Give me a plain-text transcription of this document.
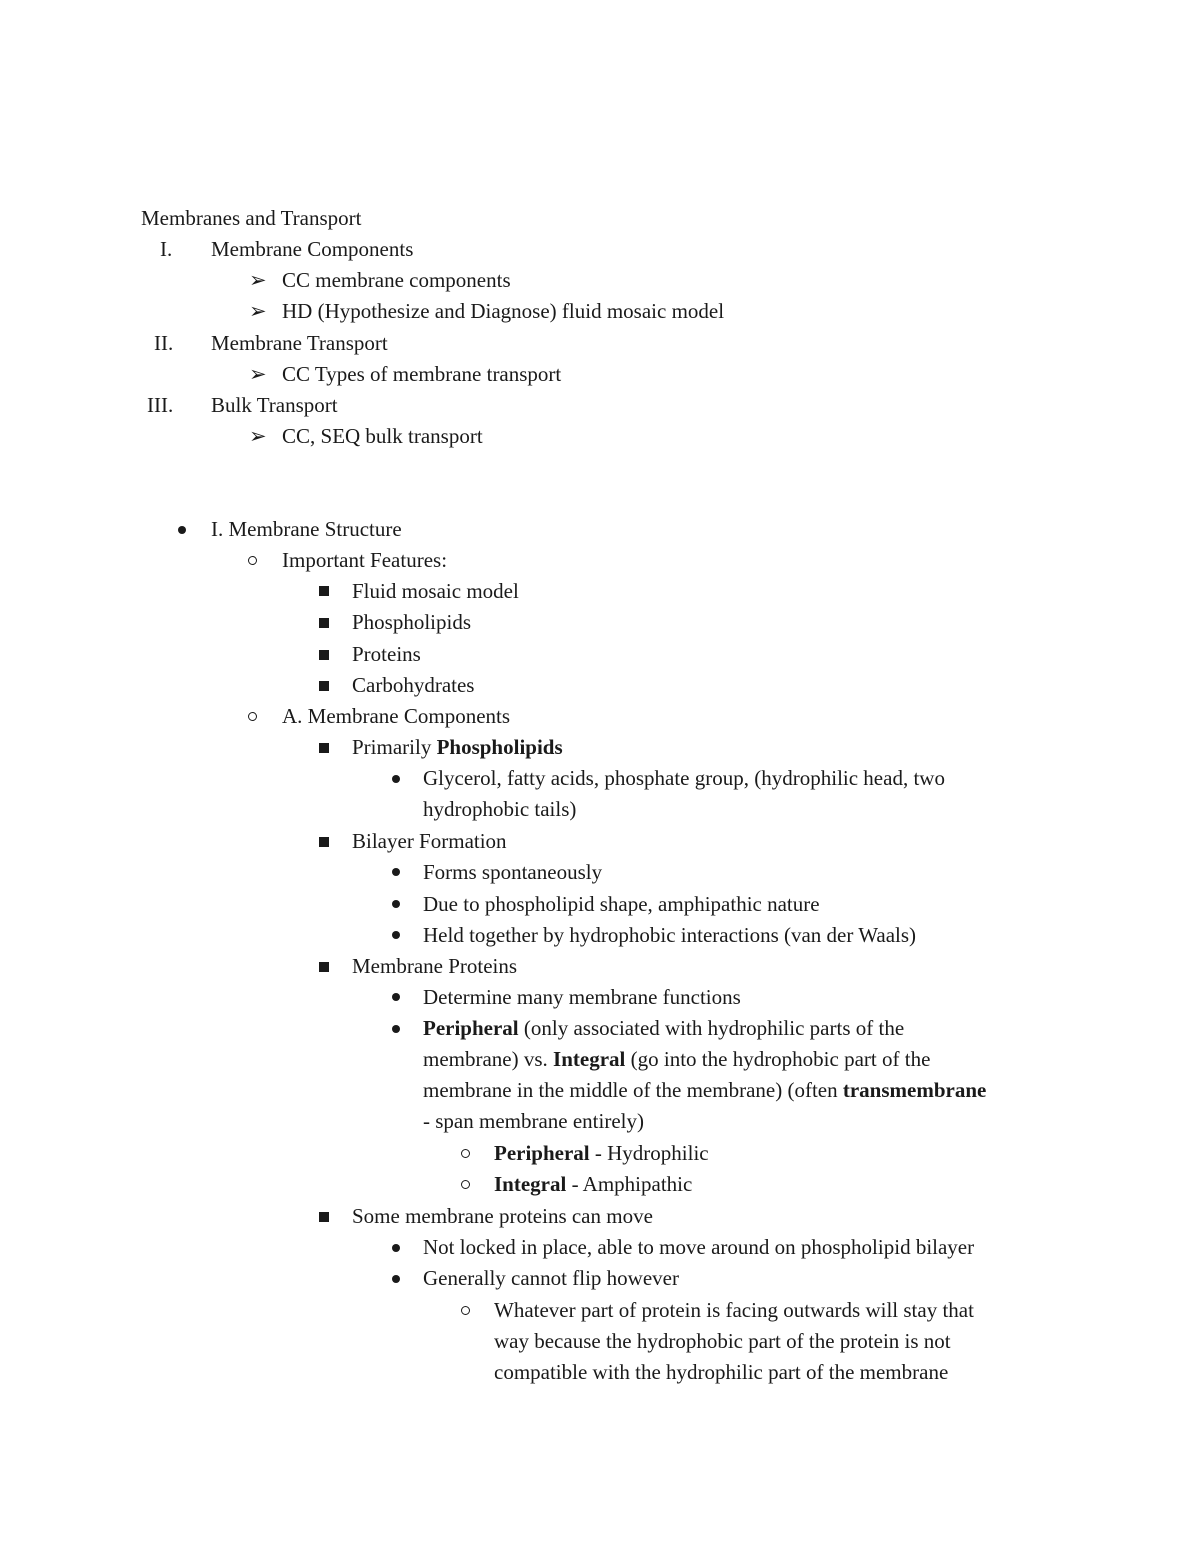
Membranes and Transport
I. Membrane Components
➢ CC membrane components
➢ HD (Hypothesize and Diagnose) fluid mosaic model
II. Membrane Transport
➢ CC Types of membrane transport
III. Bulk Transport
➢ CC, SEQ bulk transport
I. Membrane Structure
Important Features:
Fluid mosaic model
Phospholipids
Proteins
Carbohydrates
A. Membrane Components
Primarily Phospholipids
Glycerol, fatty acids, phosphate group, (hydrophilic head, two
hydrophobic tails)
Bilayer Formation
Forms spontaneously
Due to phospholipid shape, amphipathic nature
Held together by hydrophobic interactions (van der Waals)
Membrane Proteins
Determine many membrane functions
Peripheral (only associated with hydrophilic parts of the
membrane) vs. Integral (go into the hydrophobic part of the
membrane in the middle of the membrane) (often transmembrane
- span membrane entirely)
Peripheral - Hydrophilic
Integral - Amphipathic
Some membrane proteins can move
Not locked in place, able to move around on phospholipid bilayer
Generally cannot flip however
Whatever part of protein is facing outwards will stay that
way because the hydrophobic part of the protein is not
compatible with the hydrophilic part of the membrane
